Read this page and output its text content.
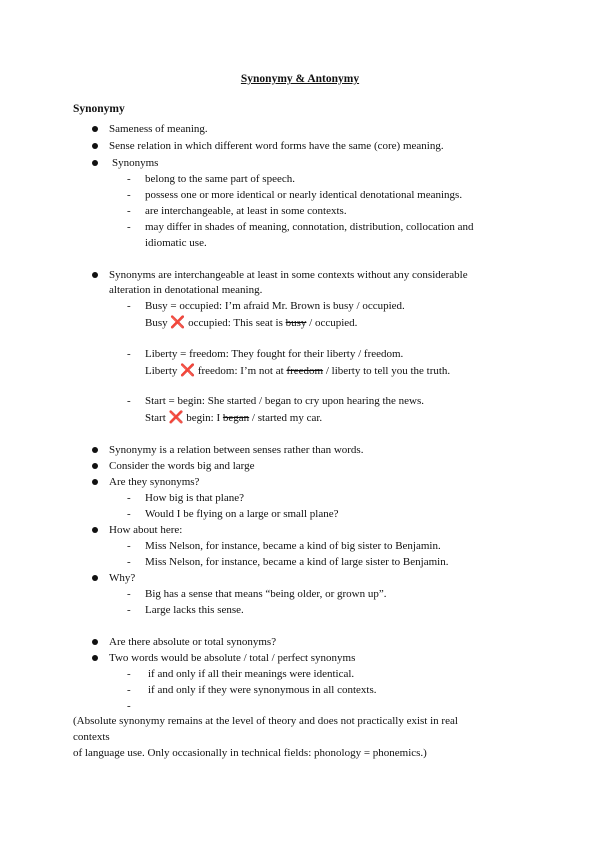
Synonymy & Antonymy
Synonymy
Sameness of meaning.
Sense relation in which different word forms have the same (core) meaning.
Synonyms
- belong to the same part of speech.
- possess one or more identical or nearly identical denotational meanings.
- are interchangeable, at least in some contexts.
- may differ in shades of meaning, connotation, distribution, collocation and
idiomatic use.
Synonyms are interchangeable at least in some contexts without any considerable
alteration in denotational meaning.
- Busy = occupied: I’m afraid Mr. Brown is busy / occupied.
Busy ❌ occupied: This seat is busy / occupied.
- Liberty = freedom: They fought for their liberty / freedom.
Liberty ❌ freedom: I’m not at freedom / liberty to tell you the truth.
- Start = begin: She started / began to cry upon hearing the news.
Start ❌ begin: I began / started my car.
Synonymy is a relation between senses rather than words.
Consider the words big and large
Are they synonyms?
- How big is that plane?
- Would I be flying on a large or small plane?
How about here:
- Miss Nelson, for instance, became a kind of big sister to Benjamin.
- Miss Nelson, for instance, became a kind of large sister to Benjamin.
Why?
- Big has a sense that means “being older, or grown up”.
- Large lacks this sense.
Are there absolute or total synonyms?
Two words would be absolute / total / perfect synonyms
- if and only if all their meanings were identical.
- if and only if they were synonymous in all contexts.
-
(Absolute synonymy remains at the level of theory and does not practically exist in real
contexts
of language use. Only occasionally in technical fields: phonology = phonemics.)
